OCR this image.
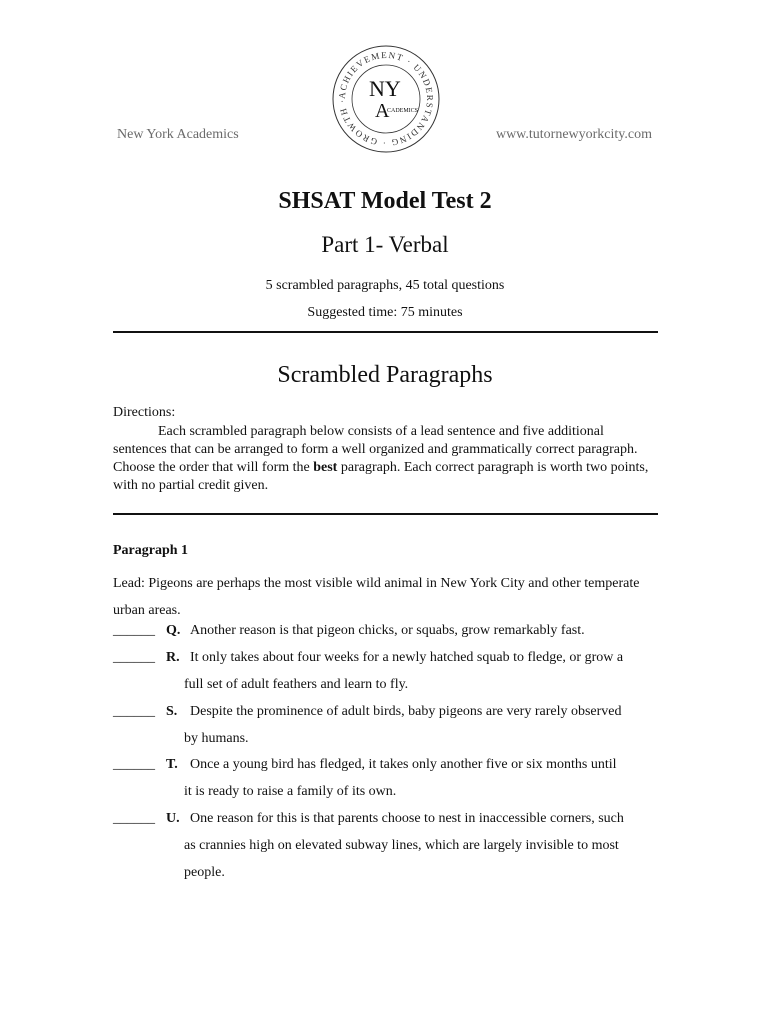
New York Academics
ACHIEVEMENT · UNDERSTANDING · GROWTH · NY
A
CADEMICS
www.tutornewyorkcity.com
SHSAT Model Test 2
Part 1- Verbal
5 scrambled paragraphs, 45 total questions
Suggested time: 75 minutes
Scrambled Paragraphs
Directions:
Each scrambled paragraph below consists of a lead sentence and five additional sentences that can be arranged to form a well organized and grammatically correct paragraph. Choose the order that will form the best paragraph. Each correct paragraph is worth two points, with no partial credit given.
Paragraph 1
Lead: Pigeons are perhaps the most visible wild animal in New York City and other temperate urban areas.
______ Q. Another reason is that pigeon chicks, or squabs, grow remarkably fast.
______ R. It only takes about four weeks for a newly hatched squab to fledge, or grow a
full set of adult feathers and learn to fly.
______ S. Despite the prominence of adult birds, baby pigeons are very rarely observed
by humans.
______ T. Once a young bird has fledged, it takes only another five or six months until
it is ready to raise a family of its own.
______ U. One reason for this is that parents choose to nest in inaccessible corners, such
as crannies high on elevated subway lines, which are largely invisible to most people.
